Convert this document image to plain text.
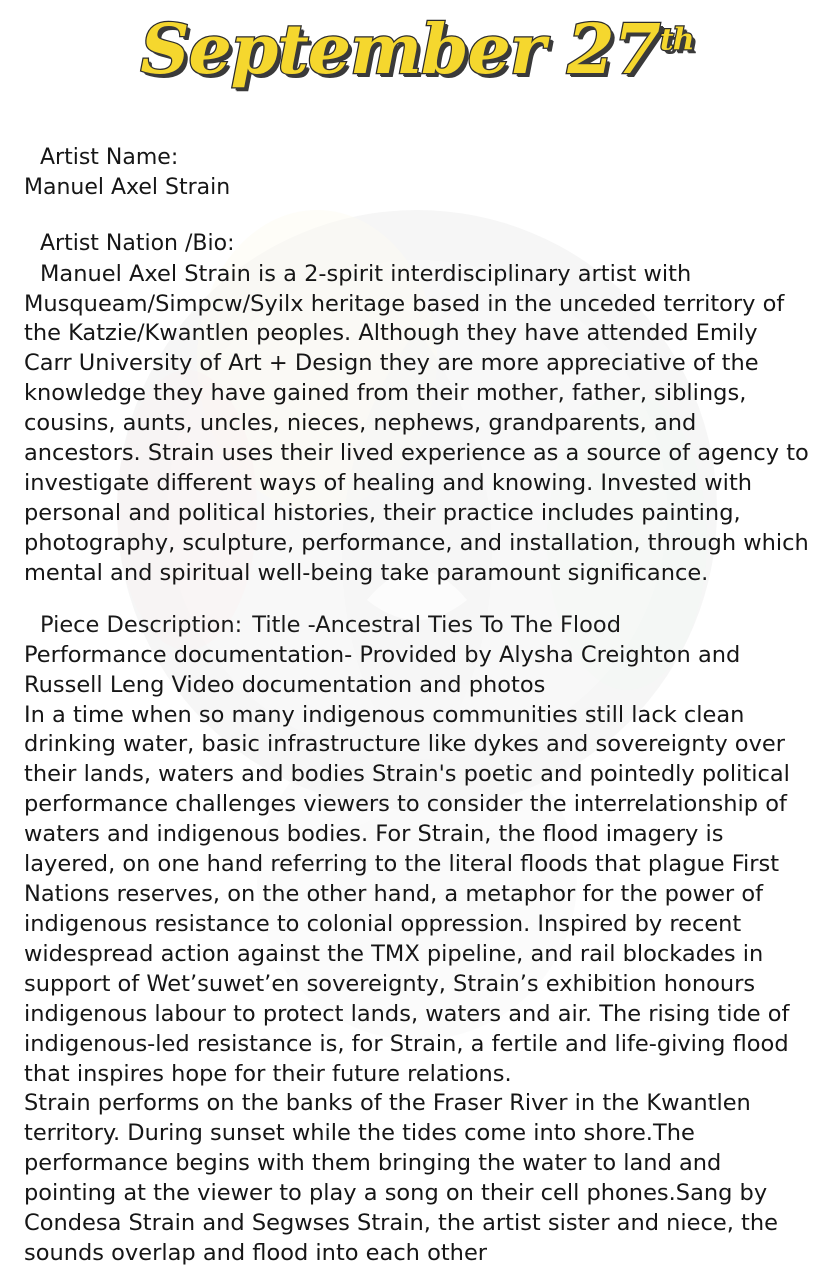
September 27th
Artist Name:
Manuel Axel Strain
Artist Nation /Bio:
Manuel Axel Strain is a 2-spirit interdisciplinary artist with Musqueam/Simpcw/Syilx heritage based in the unceded territory of the Katzie/Kwantlen peoples. Although they have attended Emily Carr University of Art + Design they are more appreciative of the knowledge they have gained from their mother, father, siblings, cousins, aunts, uncles, nieces, nephews, grandparents, and ancestors. Strain uses their lived experience as a source of agency to investigate different ways of healing and knowing. Invested with personal and political histories, their practice includes painting, photography, sculpture, performance, and installation, through which mental and spiritual well-being take paramount significance.
Piece Description: Title -Ancestral Ties To The Flood
Performance documentation- Provided by Alysha Creighton and Russell Leng Video documentation and photos
In a time when so many indigenous communities still lack clean drinking water, basic infrastructure like dykes and sovereignty over their lands, waters and bodies Strain's poetic and pointedly political performance challenges viewers to consider the interrelationship of waters and indigenous bodies. For Strain, the flood imagery is layered, on one hand referring to the literal floods that plague First Nations reserves, on the other hand, a metaphor for the power of indigenous resistance to colonial oppression. Inspired by recent widespread action against the TMX pipeline, and rail blockades in support of Wet’suwet’en sovereignty, Strain’s exhibition honours indigenous labour to protect lands, waters and air. The rising tide of indigenous-led resistance is, for Strain, a fertile and life-giving flood that inspires hope for their future relations.
Strain performs on the banks of the Fraser River in the Kwantlen territory. During sunset while the tides come into shore.The performance begins with them bringing the water to land and pointing at the viewer to play a song on their cell phones.Sang by Condesa Strain and Segwses Strain, the artist sister and niece, the sounds overlap and flood into each other
